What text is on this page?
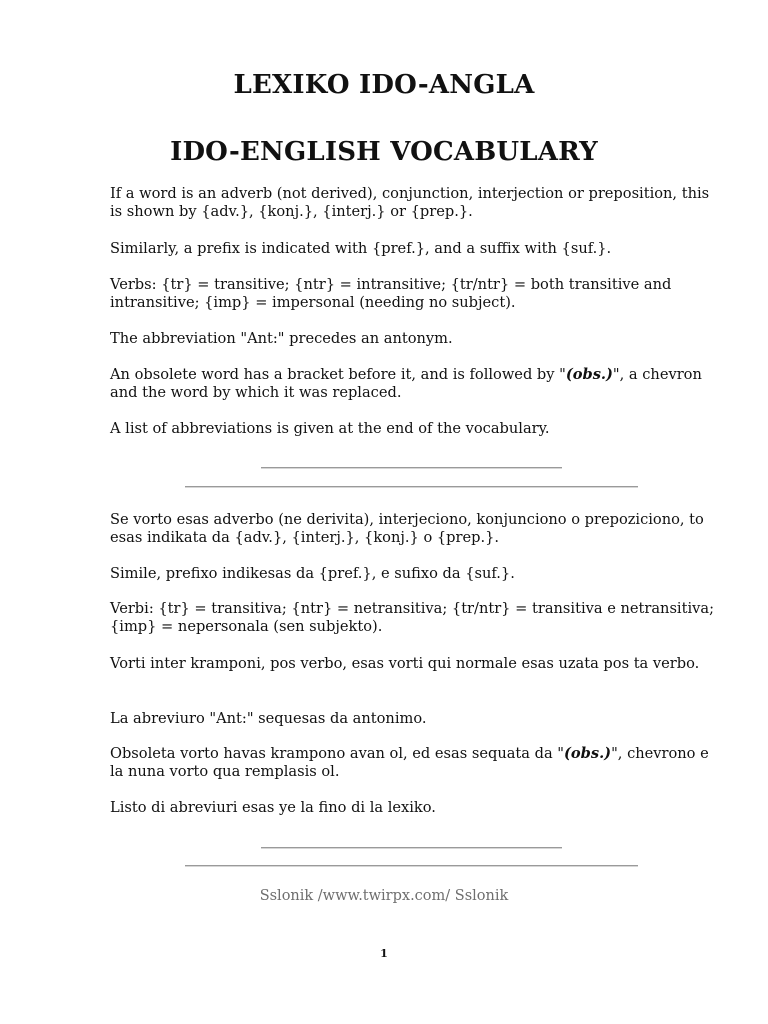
LEXIKO IDO-ANGLA
IDO-ENGLISH VOCABULARY

If a word is an adverb (not derived), conjunction, interjection or preposition, this is shown by {adv.}, {konj.}, {interj.} or {prep.}.

Similarly, a prefix is indicated with {pref.}, and a suffix with {suf.}.

Verbs: {tr} = transitive; {ntr} = intransitive; {tr/ntr} = both transitive and intransitive; {imp} = impersonal (needing no subject).

The abbreviation "Ant:" precedes an antonym.

An obsolete word has a bracket before it, and is followed by "(obs.)", a chevron and the word by which it was replaced.

A list of abbreviations is given at the end of the vocabulary.

Se vorto esas adverbo (ne derivita), interjeciono, konjunciono o prepoziciono, to esas indikata da {adv.}, {interj.}, {konj.} o {prep.}.

Simile, prefixo indikesas da {pref.}, e sufixo da {suf.}.

Verbi: {tr} = transitiva; {ntr} = netransitiva; {tr/ntr} = transitiva e netransitiva; {imp} = nepersonala (sen subjekto).

Vorti inter kramponi, pos verbo, esas vorti qui normale esas uzata pos ta verbo.

La abreviuro "Ant:" sequesas da antonimo.

Obsoleta vorto havas krampono avan ol, ed esas sequata da "(obs.)", chevrono e la nuna vorto qua remplasis ol.

Listo di abreviuri esas ye la fino di la lexiko.

Sslonik /www.twirpx.com/ Sslonik
1
